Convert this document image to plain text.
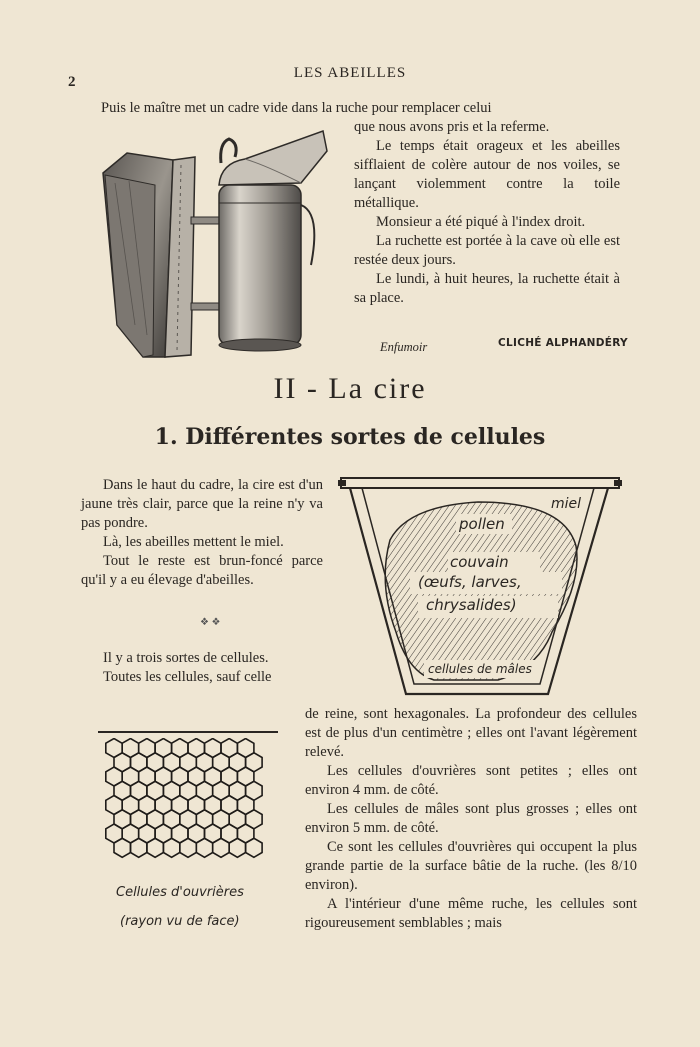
2
LES ABEILLES
Puis le maître met un cadre vide dans la ruche pour remplacer celui

que nous avons pris et la referme.

Le temps était orageux et les abeilles sifflaient de colère autour de nos voiles, se lançant violemment contre la toile métallique.

Monsieur a été piqué à l'index droit.

La ruchette est portée à la cave où elle est restée deux jours.

Le lundi, à huit heures, la ruchette était à sa place.

Enfumoir	CLICHÉ ALPHANDÉRY
II - La cire
1. Différentes sortes de cellules

Dans le haut du cadre, la cire est d'un jaune très clair, parce que la reine n'y va pas pondre.

Là, les abeilles mettent le miel.

Tout le reste est brun-foncé parce qu'il y a eu élevage d'abeilles.

❖ ❖

Il y a trois sortes de cellules.

Toutes les cellules, sauf celle

miel
pollen
couvain
(œufs, larves,
chrysalides)
cellules de mâles
Cellules d'ouvrières
(rayon vu de face)

de reine, sont hexagonales. La profondeur des cellules est de plus d'un centimètre ; elles ont l'avant légèrement relevé.

Les cellules d'ouvrières sont petites ; elles ont environ 4 mm. de côté.

Les cellules de mâles sont plus grosses ; elles ont environ 5 mm. de côté.

Ce sont les cellules d'ouvrières qui occupent la plus grande partie de la surface bâtie de la ruche. (les 8/10 environ).

A l'intérieur d'une même ruche, les cellules sont rigoureusement semblables ; mais
